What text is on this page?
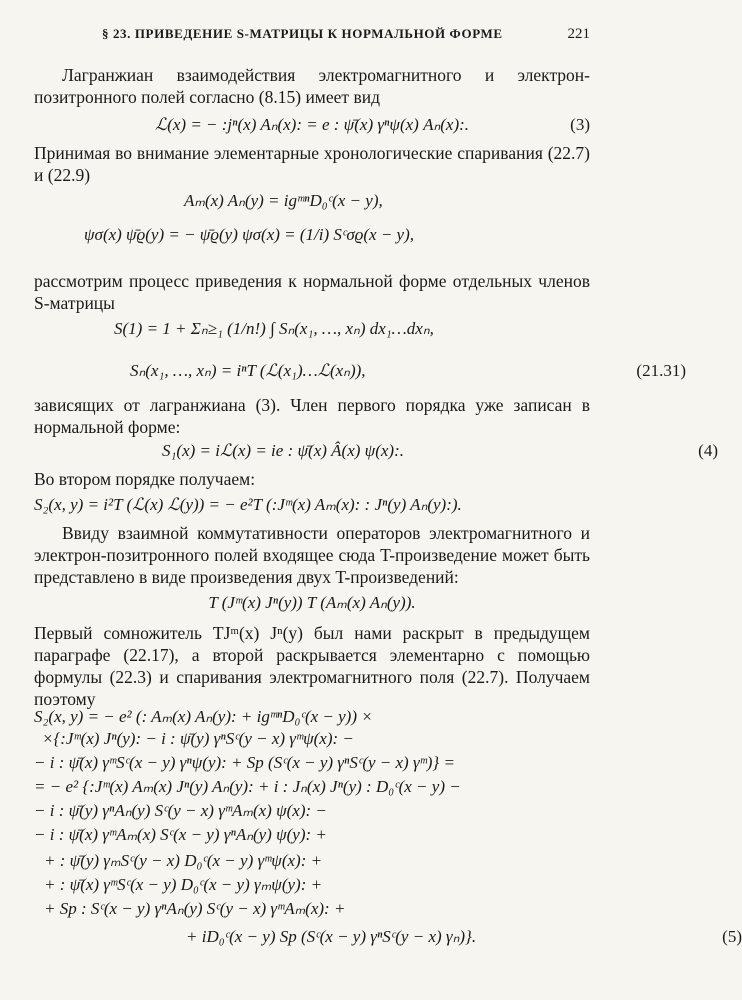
§ 23. ПРИВЕДЕНИЕ S-МАТРИЦЫ К НОРМАЛЬНОЙ ФОРМЕ	221
Лагранжиан взаимодействия электромагнитного и электрон-позитронного полей согласно (8.15) имеет вид
ℒ(x) = − :jⁿ(x) Aₙ(x): = e : ψ̄(x) γⁿψ(x) Aₙ(x):.	(3)
Принимая во внимание элементарные хронологические спаривания (22.7) и (22.9)
Aₘ(x) Aₙ(y) = igᵐⁿD₀ᶜ(x − y),
ψσ(x) ψ̄ϱ(y) = − ψ̄ϱ(y) ψσ(x) = (1/i) Sᶜσϱ(x − y),
рассмотрим процесс приведения к нормальной форме отдельных членов S-матрицы
S(1) = 1 + Σₙ≥₁ (1/n!) ∫ Sₙ(x₁, …, xₙ) dx₁…dxₙ,
Sₙ(x₁, …, xₙ) = iⁿT (ℒ(x₁)…ℒ(xₙ)),	(21.31)
зависящих от лагранжиана (3). Член первого порядка уже записан в нормальной форме:
S₁(x) = iℒ(x) = ie : ψ̄(x) Â(x) ψ(x):.	(4)
Во втором порядке получаем:
S₂(x, y) = i²T (ℒ(x) ℒ(y)) = − e²T (:Jᵐ(x) Aₘ(x): : Jⁿ(y) Aₙ(y):).
Ввиду взаимной коммутативности операторов электромагнитного и электрон-позитронного полей входящее сюда T-произведение может быть представлено в виде произведения двух T-произведений:
T (Jᵐ(x) Jⁿ(y)) T (Aₘ(x) Aₙ(y)).
Первый сомножитель TJᵐ(x) Jⁿ(y) был нами раскрыт в предыдущем параграфе (22.17), а второй раскрывается элементарно с помощью формулы (22.3) и спаривания электромагнитного поля (22.7). Получаем поэтому
S₂(x, y) = − e² (: Aₘ(x) Aₙ(y): + igᵐⁿD₀ᶜ(x − y)) ×
×{:Jᵐ(x) Jⁿ(y): − i : ψ̄(y) γⁿSᶜ(y − x) γᵐψ(x): −
− i : ψ̄(x) γᵐSᶜ(x − y) γⁿψ(y): + Sp (Sᶜ(x − y) γⁿSᶜ(y − x) γᵐ)} =
= − e² {:Jᵐ(x) Aₘ(x) Jⁿ(y) Aₙ(y): + i : Jₙ(x) Jⁿ(y) : D₀ᶜ(x − y) −
− i : ψ̄(y) γⁿAₙ(y) Sᶜ(y − x) γᵐAₘ(x) ψ(x): −
− i : ψ̄(x) γᵐAₘ(x) Sᶜ(x − y) γⁿAₙ(y) ψ(y): +
+ : ψ̄(y) γₘSᶜ(y − x) D₀ᶜ(x − y) γᵐψ(x): +
+ : ψ̄(x) γᵐSᶜ(x − y) D₀ᶜ(x − y) γₘψ(y): +
+ Sp : Sᶜ(x − y) γⁿAₙ(y) Sᶜ(y − x) γᵐAₘ(x): +
+ iD₀ᶜ(x − y) Sp (Sᶜ(x − y) γⁿSᶜ(y − x) γₙ)}.	(5)
